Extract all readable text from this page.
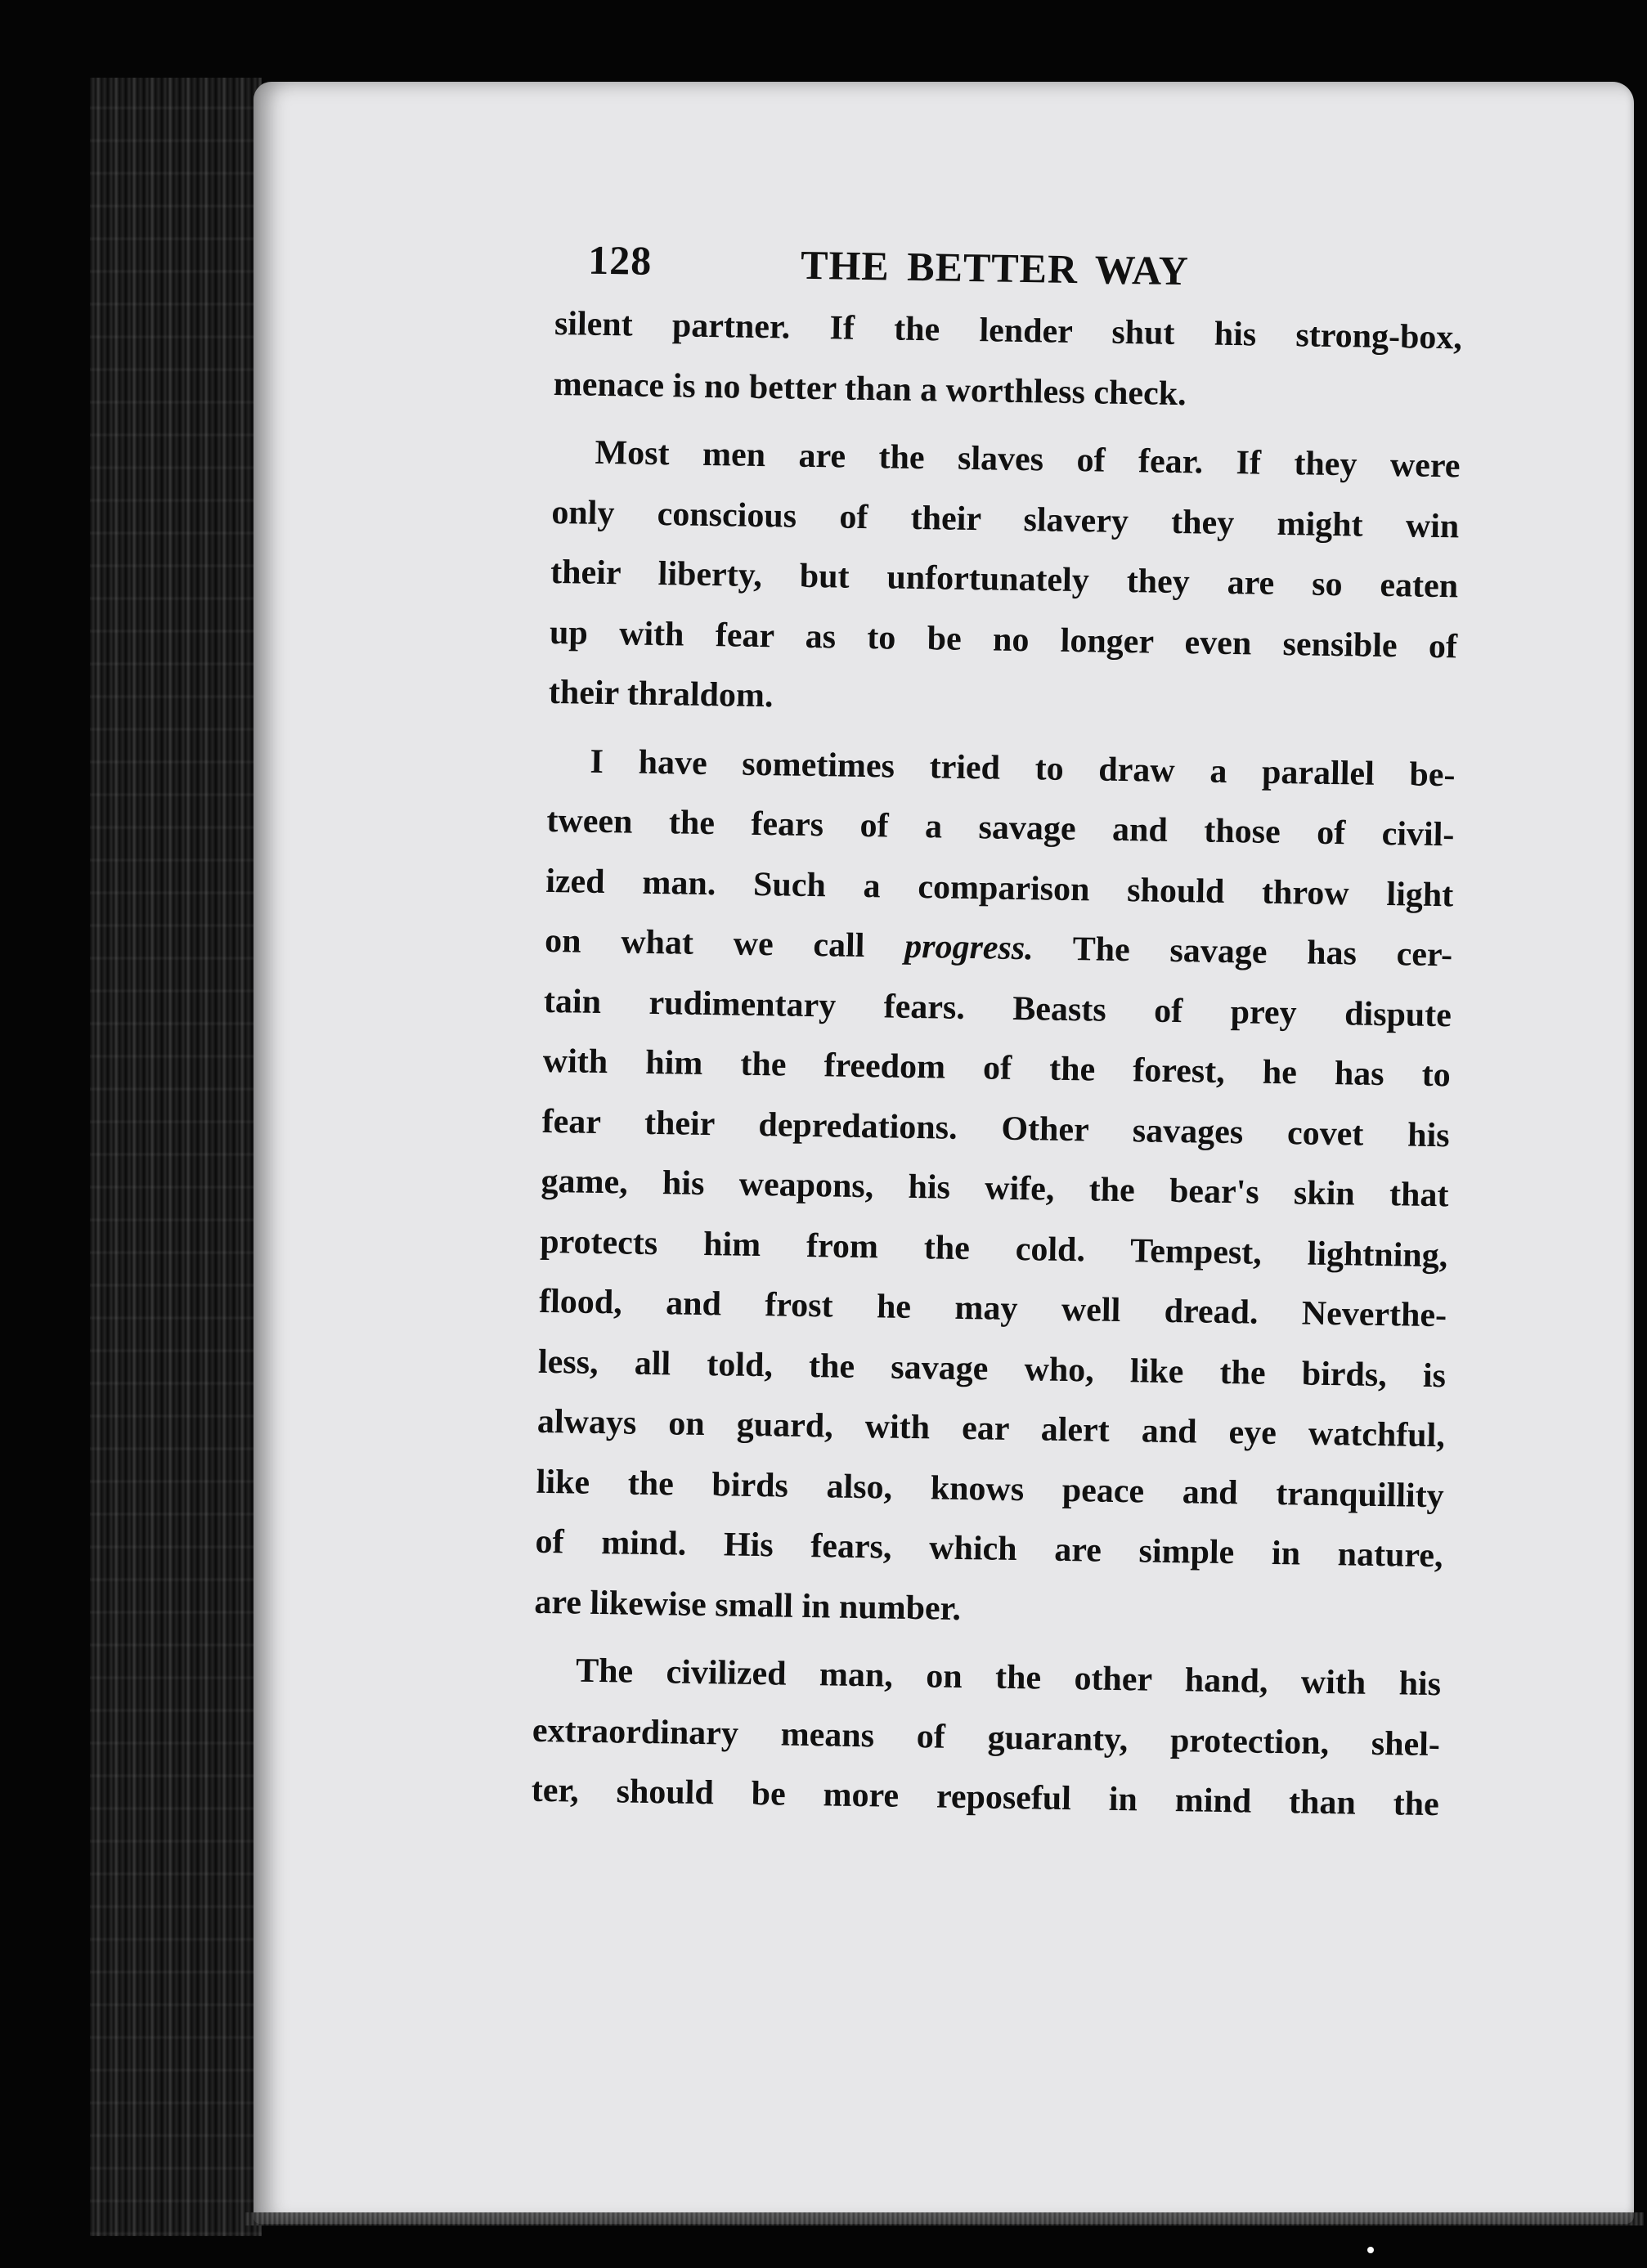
128	THE BETTER WAY
silent partner. If the lender shut his strong-box,
menace is no better than a worthless check.
Most men are the slaves of fear. If they were
only conscious of their slavery they might win
their liberty, but unfortunately they are so eaten
up with fear as to be no longer even sensible of
their thraldom.
I have sometimes tried to draw a parallel be-
tween the fears of a savage and those of civil-
ized man. Such a comparison should throw light
on what we call progress. The savage has cer-
tain rudimentary fears. Beasts of prey dispute
with him the freedom of the forest, he has to
fear their depredations. Other savages covet his
game, his weapons, his wife, the bear's skin that
protects him from the cold. Tempest, lightning,
flood, and frost he may well dread. Neverthe-
less, all told, the savage who, like the birds, is
always on guard, with ear alert and eye watchful,
like the birds also, knows peace and tranquillity
of mind. His fears, which are simple in nature,
are likewise small in number.
The civilized man, on the other hand, with his
extraordinary means of guaranty, protection, shel-
ter, should be more reposeful in mind than the
